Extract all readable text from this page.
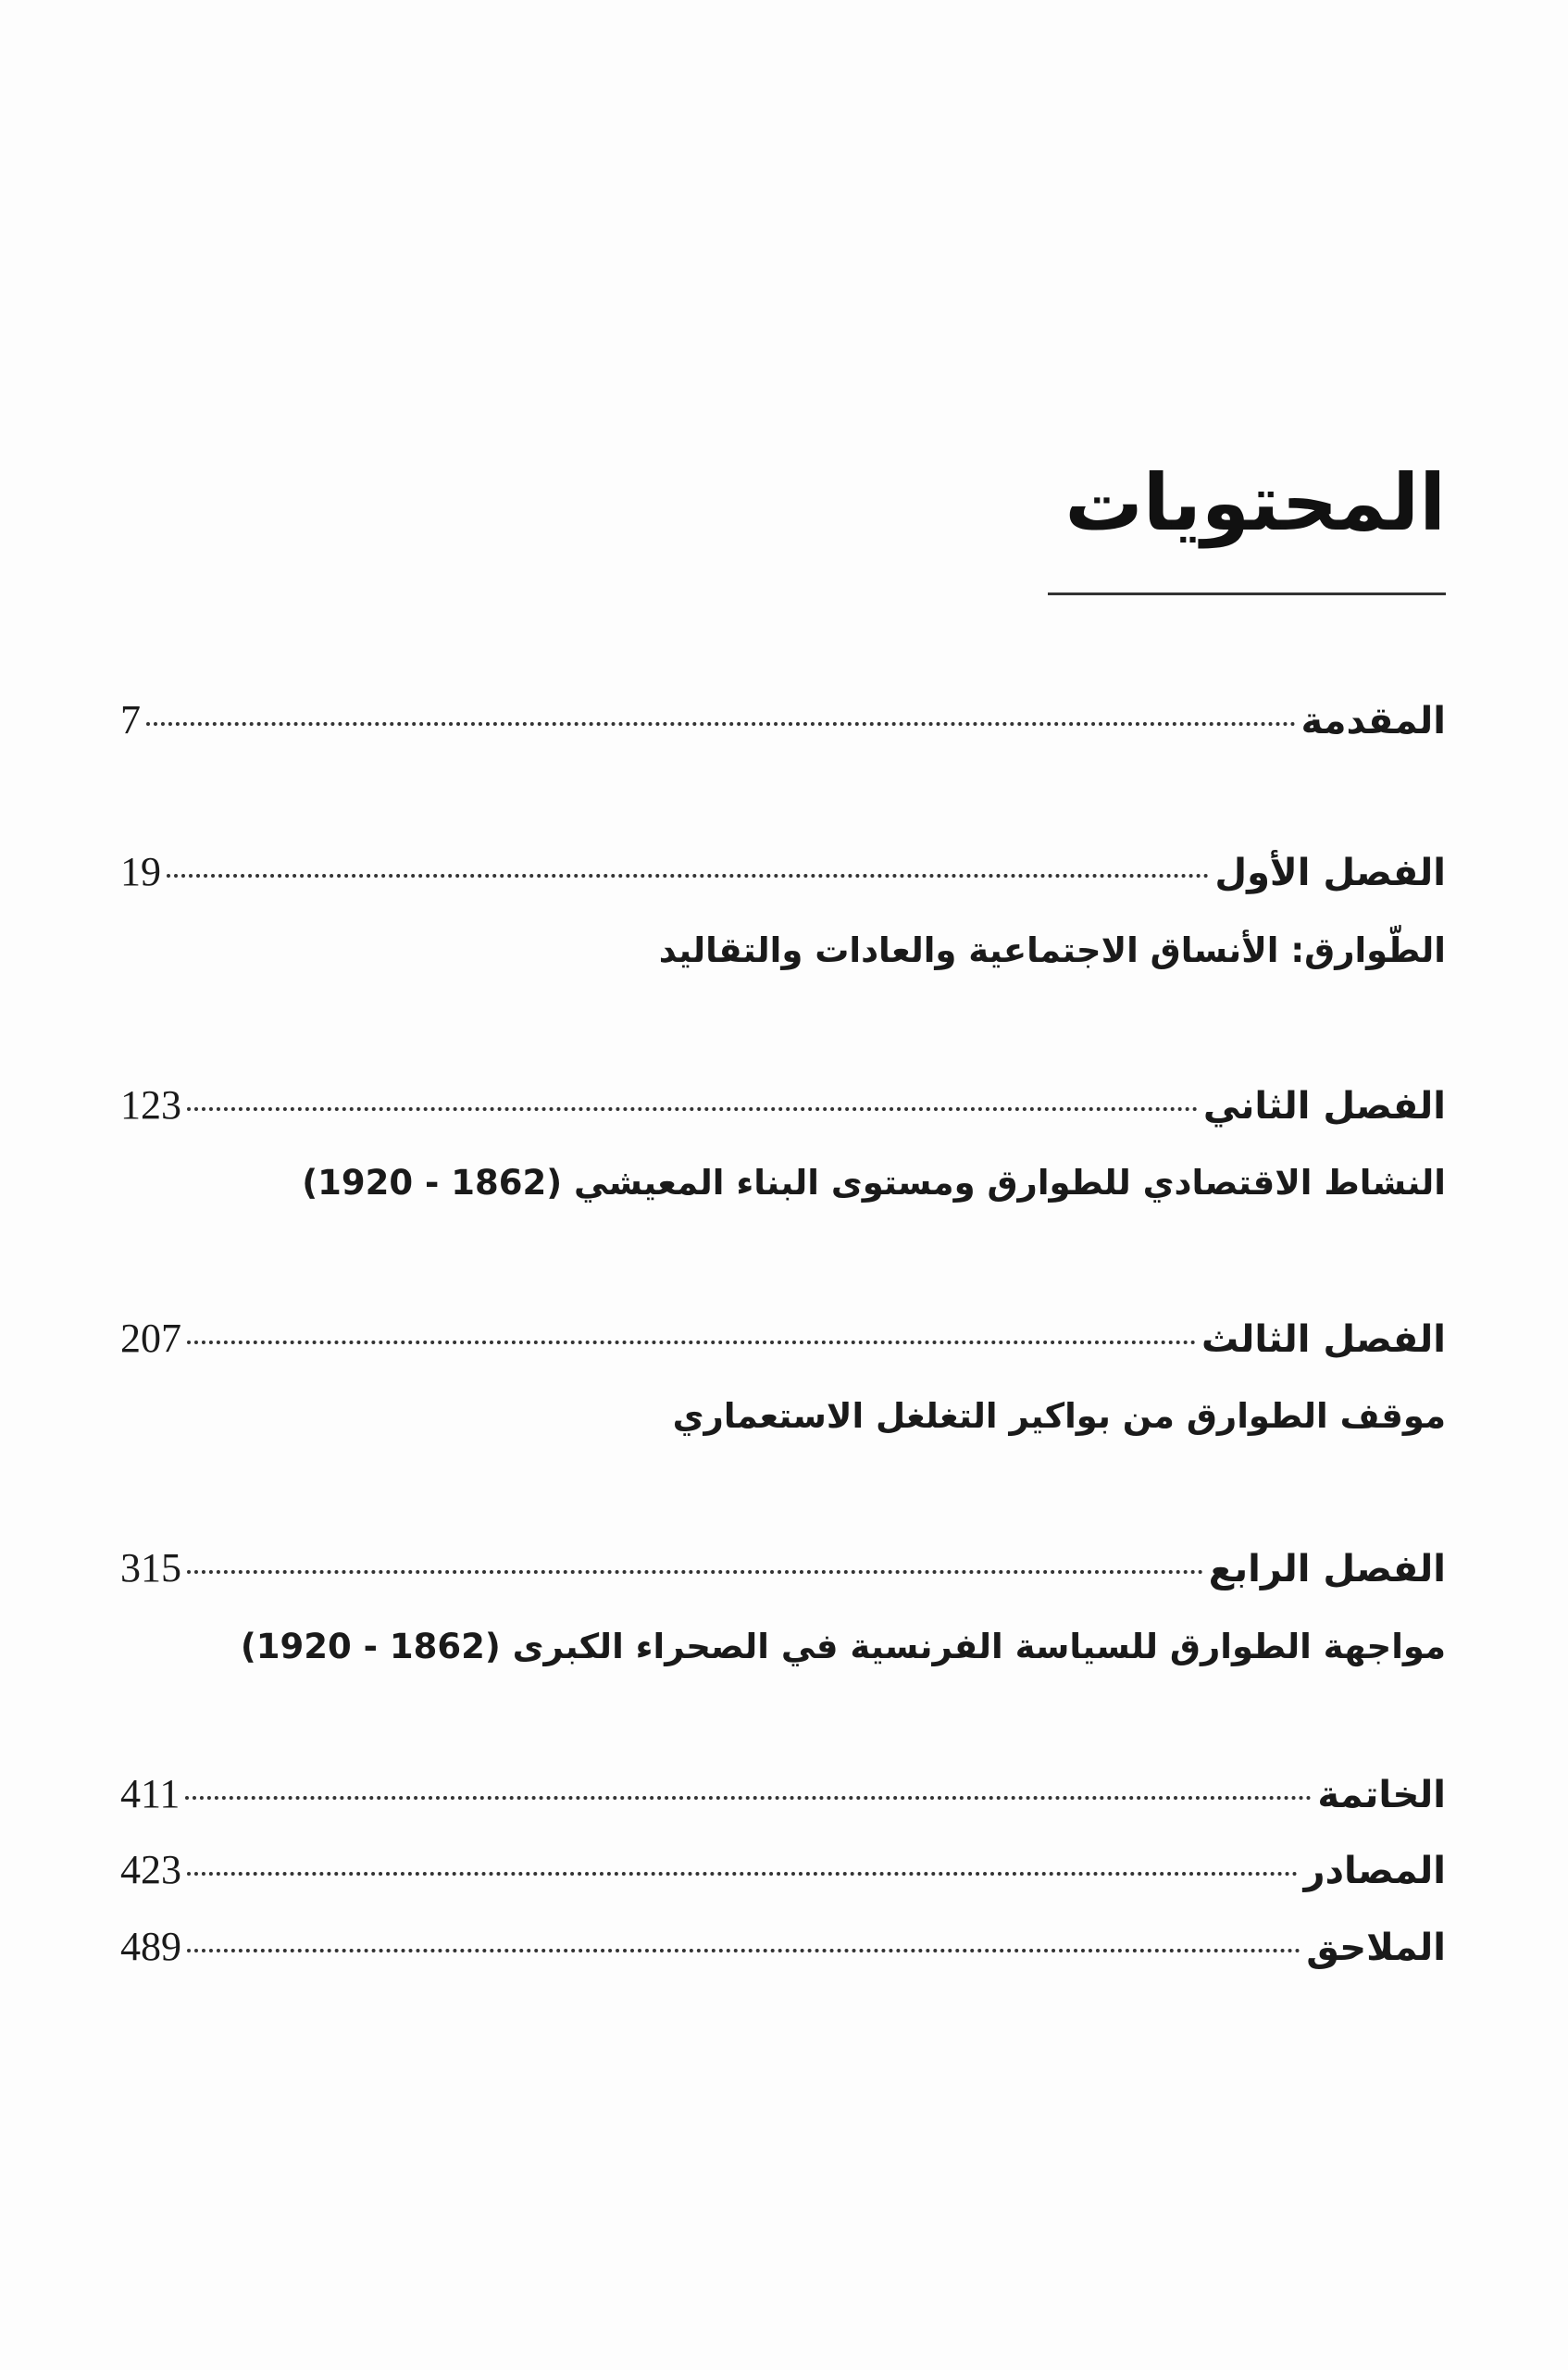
المحتويات
المقدمة
7
الفصل الأول
19
الطّوارق: الأنساق الاجتماعية والعادات والتقاليد
الفصل الثاني
123
النشاط الاقتصادي للطوارق ومستوى البناء المعيشي (1862 - 1920)
الفصل الثالث
207
موقف الطوارق من بواكير التغلغل الاستعماري
الفصل الرابع
315
مواجهة الطوارق للسياسة الفرنسية في الصحراء الكبرى (1862 - 1920)
الخاتمة
411
المصادر
423
الملاحق
489
